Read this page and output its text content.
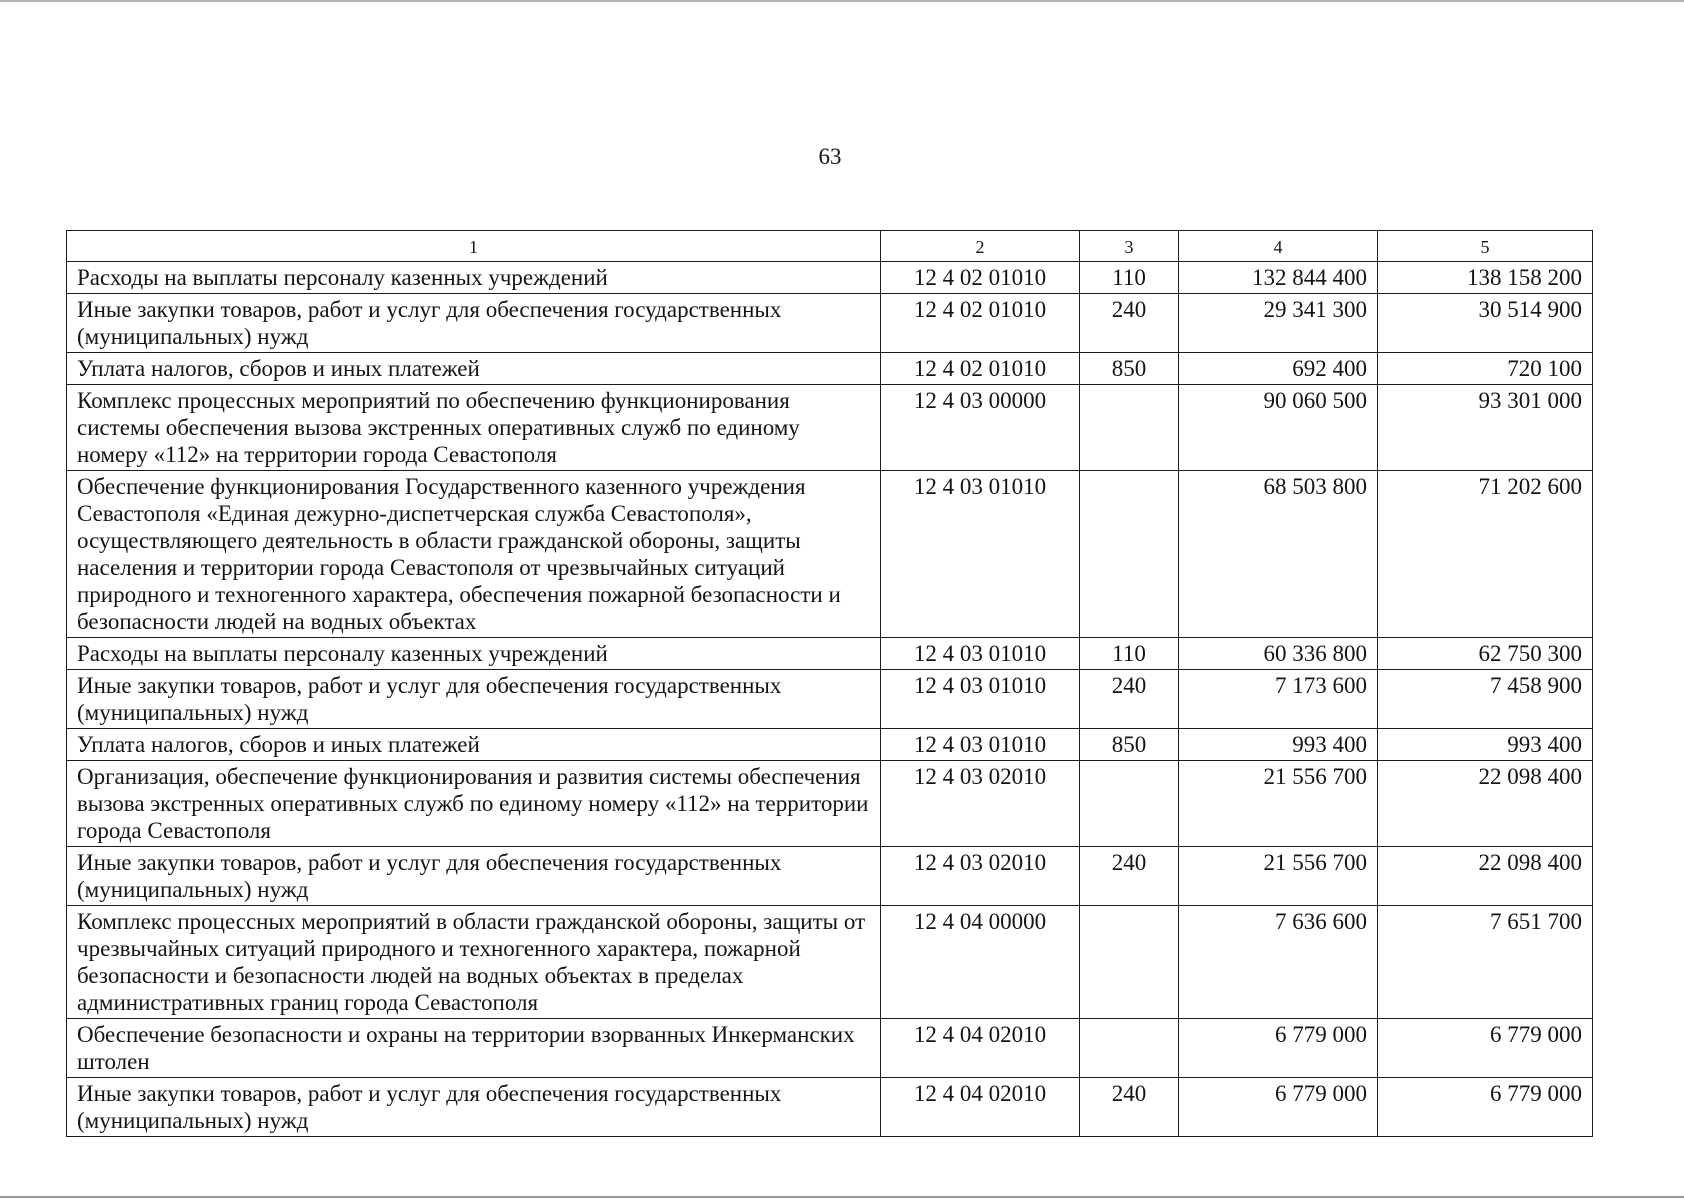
63
1	2	3	4	5
Расходы на выплаты персоналу казенных учреждений	12 4 02 01010	110	132 844 400	138 158 200
Иные закупки товаров, работ и услуг для обеспечения государственных (муниципальных) нужд	12 4 02 01010	240	29 341 300	30 514 900
Уплата налогов, сборов и иных платежей	12 4 02 01010	850	692 400	720 100
Комплекс процессных мероприятий по обеспечению функционирования системы обеспечения вызова экстренных оперативных служб по единому номеру «112» на территории города Севастополя	12 4 03 00000		90 060 500	93 301 000
Обеспечение функционирования Государственного казенного учреждения Севастополя «Единая дежурно-диспетчерская служба Севастополя», осуществляющего деятельность в области гражданской обороны, защиты населения и территории города Севастополя от чрезвычайных ситуаций природного и техногенного характера, обеспечения пожарной безопасности и безопасности людей на водных объектах	12 4 03 01010		68 503 800	71 202 600
Расходы на выплаты персоналу казенных учреждений	12 4 03 01010	110	60 336 800	62 750 300
Иные закупки товаров, работ и услуг для обеспечения государственных (муниципальных) нужд	12 4 03 01010	240	7 173 600	7 458 900
Уплата налогов, сборов и иных платежей	12 4 03 01010	850	993 400	993 400
Организация, обеспечение функционирования и развития системы обеспечения вызова экстренных оперативных служб по единому номеру «112» на территории города Севастополя	12 4 03 02010		21 556 700	22 098 400
Иные закупки товаров, работ и услуг для обеспечения государственных (муниципальных) нужд	12 4 03 02010	240	21 556 700	22 098 400
Комплекс процессных мероприятий в области гражданской обороны, защиты от чрезвычайных ситуаций природного и техногенного характера, пожарной безопасности и безопасности людей на водных объектах в пределах административных границ города Севастополя	12 4 04 00000		7 636 600	7 651 700
Обеспечение безопасности и охраны на территории взорванных Инкерманских штолен	12 4 04 02010		6 779 000	6 779 000
Иные закупки товаров, работ и услуг для обеспечения государственных (муниципальных) нужд	12 4 04 02010	240	6 779 000	6 779 000
